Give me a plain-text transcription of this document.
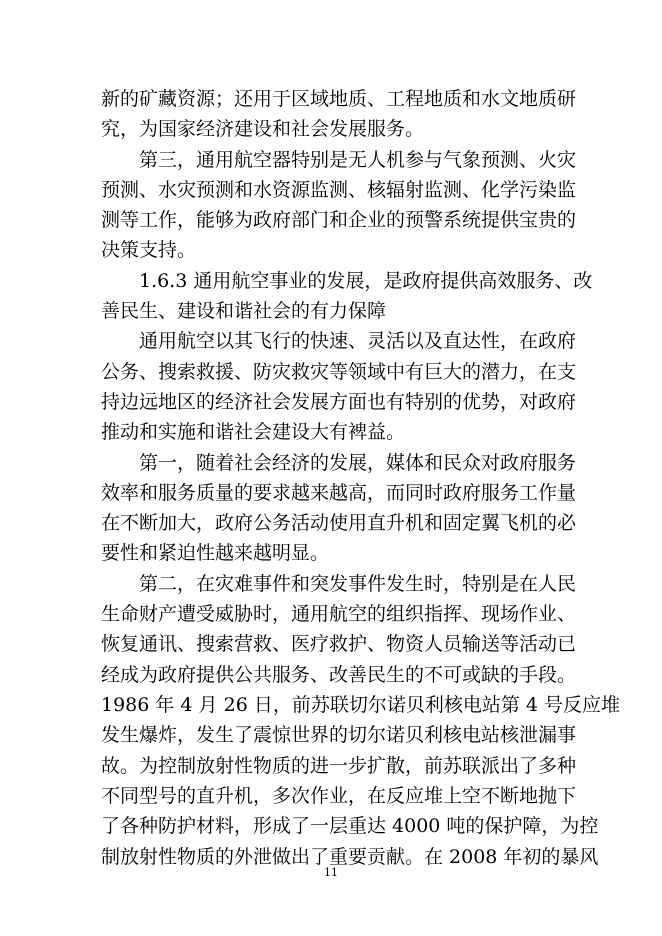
新的矿藏资源；还用于区域地质、工程地质和水文地质研
究，为国家经济建设和社会发展服务。
第三，通用航空器特别是无人机参与气象预测、火灾
预测、水灾预测和水资源监测、核辐射监测、化学污染监
测等工作，能够为政府部门和企业的预警系统提供宝贵的
决策支持。
1.6.3 通用航空事业的发展，是政府提供高效服务、改
善民生、建设和谐社会的有力保障
通用航空以其飞行的快速、灵活以及直达性，在政府
公务、搜索救援、防灾救灾等领域中有巨大的潜力，在支
持边远地区的经济社会发展方面也有特别的优势，对政府
推动和实施和谐社会建设大有裨益。
第一，随着社会经济的发展，媒体和民众对政府服务
效率和服务质量的要求越来越高，而同时政府服务工作量
在不断加大，政府公务活动使用直升机和固定翼飞机的必
要性和紧迫性越来越明显。
第二，在灾难事件和突发事件发生时，特别是在人民
生命财产遭受威胁时，通用航空的组织指挥、现场作业、
恢复通讯、搜索营救、医疗救护、物资人员输送等活动已
经成为政府提供公共服务、改善民生的不可或缺的手段。
1986 年 4 月 26 日，前苏联切尔诺贝利核电站第 4 号反应堆
发生爆炸，发生了震惊世界的切尔诺贝利核电站核泄漏事
故。为控制放射性物质的进一步扩散，前苏联派出了多种
不同型号的直升机，多次作业，在反应堆上空不断地抛下
了各种防护材料，形成了一层重达 4000 吨的保护障，为控
制放射性物质的外泄做出了重要贡献。在 2008 年初的暴风
11
